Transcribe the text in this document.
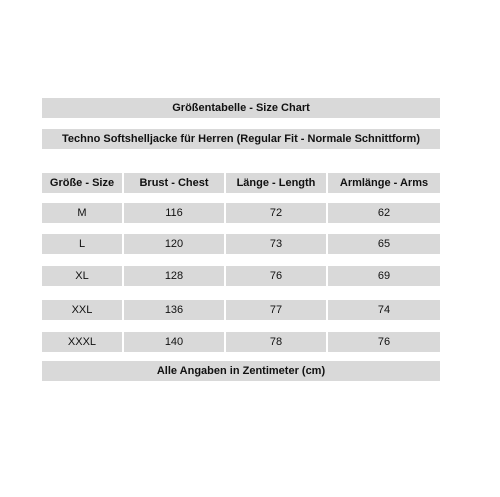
Größentabelle - Size Chart
Techno Softshelljacke für Herren (Regular Fit - Normale Schnittform)
Größe - Size	Brust - Chest	Länge - Length	Armlänge - Arms
M	116	72	62
L	120	73	65
XL	128	76	69
XXL	136	77	74
XXXL	140	78	76
Alle Angaben in Zentimeter (cm)
